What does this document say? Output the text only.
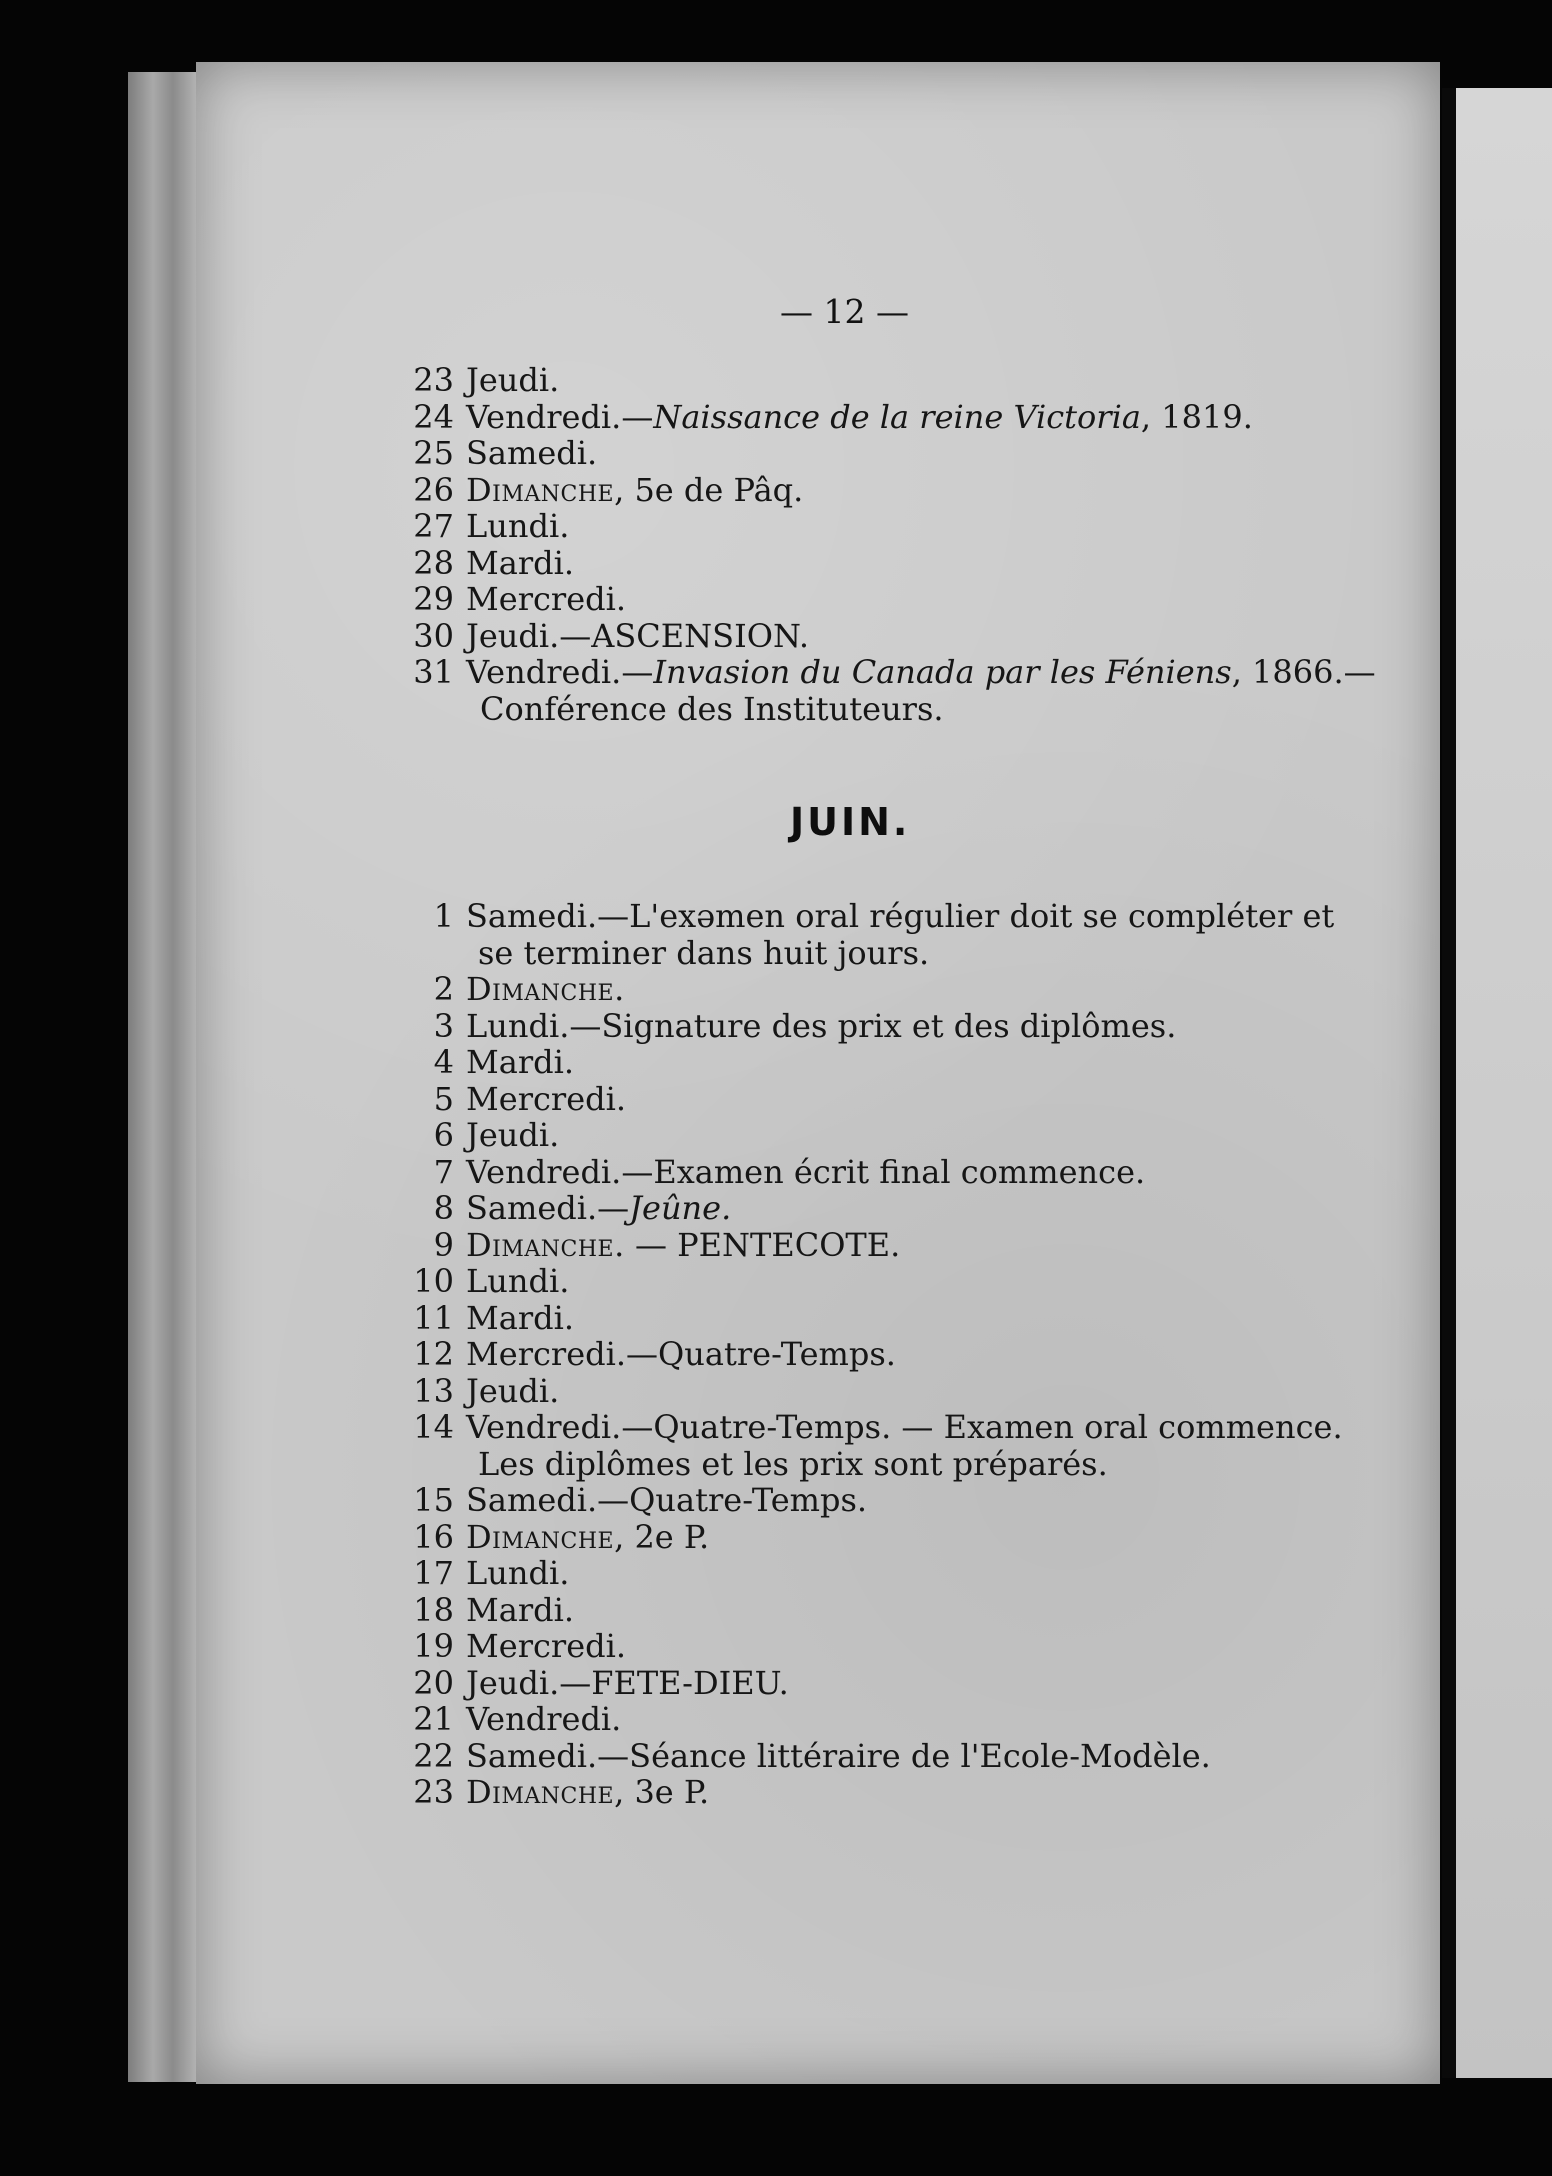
— 12 —
23 Jeudi.
24 Vendredi.—Naissance de la reine Victoria, 1819.
25 Samedi.
26 Dimanche, 5e de Pâq.
27 Lundi.
28 Mardi.
29 Mercredi.
30 Jeudi.—ASCENSION.
31 Vendredi.—Invasion du Canada par les Féniens, 1866.—
Conférence des Instituteurs.
JUIN.
1 Samedi.—L'exəmen oral régulier doit se compléter et
se terminer dans huit jours.
2 Dimanche.
3 Lundi.—Signature des prix et des diplômes.
4 Mardi.
5 Mercredi.
6 Jeudi.
7 Vendredi.—Examen écrit final commence.
8 Samedi.—Jeûne.
9 Dimanche. — PENTECOTE.
10 Lundi.
11 Mardi.
12 Mercredi.—Quatre-Temps.
13 Jeudi.
14 Vendredi.—Quatre-Temps. — Examen oral commence.
Les diplômes et les prix sont préparés.
15 Samedi.—Quatre-Temps.
16 Dimanche, 2e P.
17 Lundi.
18 Mardi.
19 Mercredi.
20 Jeudi.—FETE-DIEU.
21 Vendredi.
22 Samedi.—Séance littéraire de l'Ecole-Modèle.
23 Dimanche, 3e P.
